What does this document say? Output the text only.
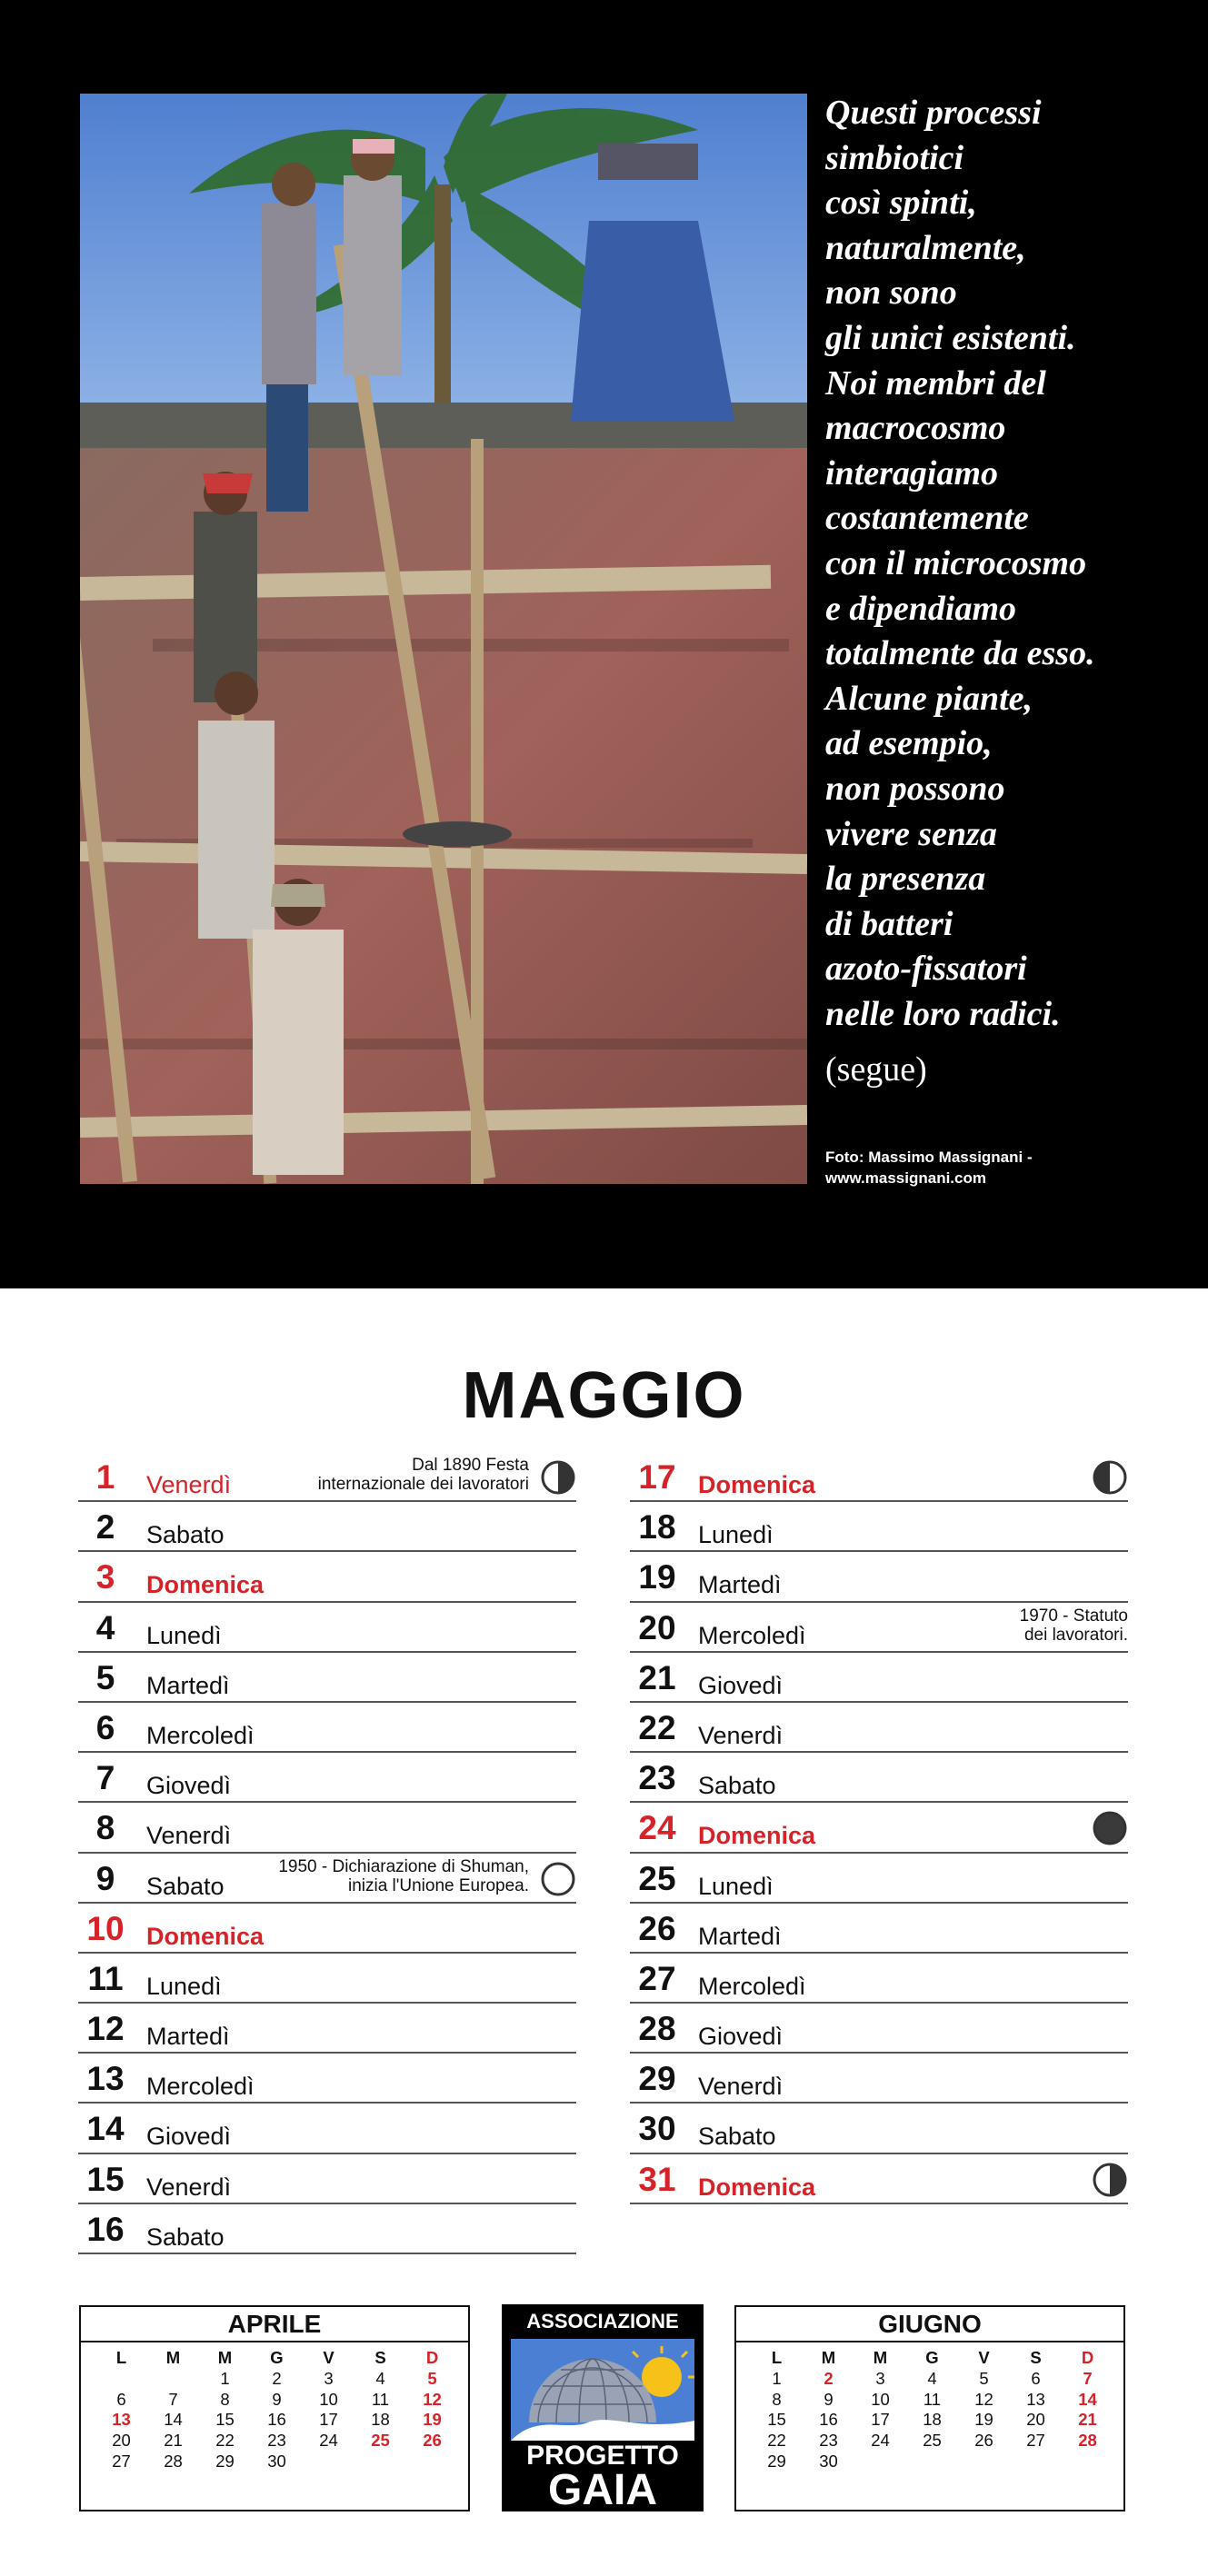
Questi processi
simbiotici
così spinti,
naturalmente,
non sono
gli unici esistenti.
Noi membri del
macrocosmo
interagiamo
costantemente
con il microcosmo
e dipendiamo
totalmente da esso.
Alcune piante,
ad esempio,
non possono
vivere senza
la presenza
di batteri
azoto-fissatori
nelle loro radici.
(segue)
Foto: Massimo Massignani -
www.massignani.com
MAGGIO
1	Venerdì
Dal 1890 Festa
internazionale dei lavoratori
2	Sabato
3	Domenica
4	Lunedì
5	Martedì
6	Mercoledì
7	Giovedì
8	Venerdì
9	Sabato
1950 - Dichiarazione di Shuman,
inizia l'Unione Europea.
10 Domenica
11 Lunedì
12 Martedì
13 Mercoledì
14 Giovedì
15 Venerdì
16 Sabato
17 Domenica
18 Lunedì
19 Martedì
20 Mercoledì
1970 - Statuto
dei lavoratori.
21 Giovedì
22 Venerdì
23 Sabato
24 Domenica
25 Lunedì
26 Martedì
27 Mercoledì
28 Giovedì
29 Venerdì
30 Sabato
31 Domenica
APRILE
L	M	M	G	V	S	D
		1	2	3	4	5
6	7	8	9	10	11	12
13	14	15	16	17	18	19
20	21	22	23	24	25	26
27	28	29	30			
ASSOCIAZIONE
PROGETTO
GAIA
GIUGNO
L	M	M	G	V	S	D
1	2	3	4	5	6	7
8	9	10	11	12	13	14
15	16	17	18	19	20	21
22	23	24	25	26	27	28
29	30					
